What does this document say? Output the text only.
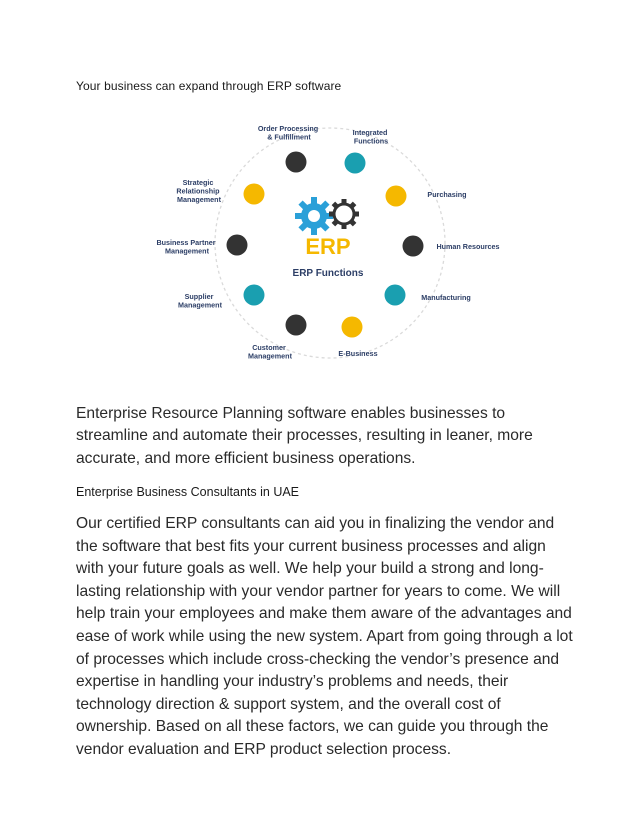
Your business can expand through ERP software
ERP
ERP Functions
Order Processing & Fulfillment	Integrated Functions
Purchasing
Human Resources
Manufacturing
E-Business
Customer Management
Supplier Management
Business Partner Management
Strategic Relationship Management
Enterprise Resource Planning software enables businesses to streamline and automate their processes, resulting in leaner, more accurate, and more efficient business operations.
Enterprise Business Consultants in UAE
Our certified ERP consultants can aid you in finalizing the vendor and the software that best fits your current business processes and align with your future goals as well. We help your build a strong and long-lasting relationship with your vendor partner for years to come. We will help train your employees and make them aware of the advantages and ease of work while using the new system. Apart from going through a lot of processes which include cross-checking the vendor’s presence and expertise in handling your industry’s problems and needs, their technology direction & support system, and the overall cost of ownership. Based on all these factors, we can guide you through the vendor evaluation and ERP product selection process.
